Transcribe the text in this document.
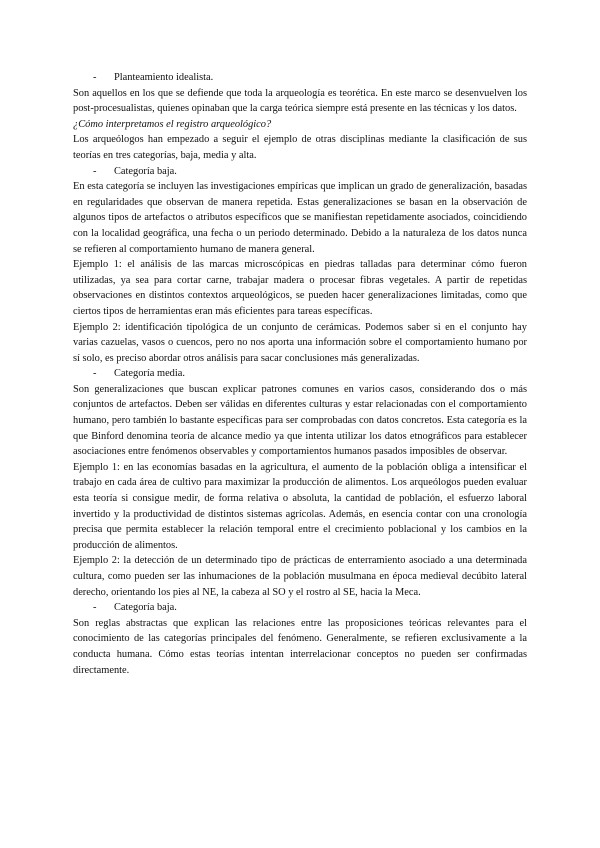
-	Planteamiento idealista.

Son aquellos en los que se defiende que toda la arqueología es teorética. En este marco se desenvuelven los post-procesualistas, quienes opinaban que la carga teórica siempre está presente en las técnicas y los datos.

¿Cómo interpretamos el registro arqueológico?

Los arqueólogos han empezado a seguir el ejemplo de otras disciplinas mediante la clasificación de sus teorías en tres categorías, baja, media y alta.

-	Categoría baja.

En esta categoría se incluyen las investigaciones empíricas que implican un grado de generalización, basadas en regularidades que observan de manera repetida. Estas generalizaciones se basan en la observación de algunos tipos de artefactos o atributos específicos que se manifiestan repetidamente asociados, coincidiendo con la localidad geográfica, una fecha o un periodo determinado. Debido a la naturaleza de los datos nunca se refieren al comportamiento humano de manera general.

Ejemplo 1: el análisis de las marcas microscópicas en piedras talladas para determinar cómo fueron utilizadas, ya sea para cortar carne, trabajar madera o procesar fibras vegetales. A partir de repetidas observaciones en distintos contextos arqueológicos, se pueden hacer generalizaciones limitadas, como que ciertos tipos de herramientas eran más eficientes para tareas específicas.

Ejemplo 2: identificación tipológica de un conjunto de cerámicas. Podemos saber si en el conjunto hay varias cazuelas, vasos o cuencos, pero no nos aporta una información sobre el comportamiento humano por sí solo, es preciso abordar otros análisis para sacar conclusiones más generalizadas.

-	Categoría media.

Son generalizaciones que buscan explicar patrones comunes en varios casos, considerando dos o más conjuntos de artefactos. Deben ser válidas en diferentes culturas y estar relacionadas con el comportamiento humano, pero también lo bastante específicas para ser comprobadas con datos concretos. Esta categoría es la que Binford denomina teoría de alcance medio ya que intenta utilizar los datos etnográficos para establecer asociaciones entre fenómenos observables y comportamientos humanos pasados imposibles de observar.

Ejemplo 1: en las economías basadas en la agricultura, el aumento de la población obliga a intensificar el trabajo en cada área de cultivo para maximizar la producción de alimentos. Los arqueólogos pueden evaluar esta teoría si consigue medir, de forma relativa o absoluta, la cantidad de población, el esfuerzo laboral invertido y la productividad de distintos sistemas agrícolas. Además, en esencia contar con una cronología precisa que permita establecer la relación temporal entre el crecimiento poblacional y los cambios en la producción de alimentos.

Ejemplo 2: la detección de un determinado tipo de prácticas de enterramiento asociado a una determinada cultura, como pueden ser las inhumaciones de la población musulmana en época medieval decúbito lateral derecho, orientando los pies al NE, la cabeza al SO y el rostro al SE, hacia la Meca.

-	Categoría baja.

Son reglas abstractas que explican las relaciones entre las proposiciones teóricas relevantes para el conocimiento de las categorías principales del fenómeno. Generalmente, se refieren exclusivamente a la conducta humana. Cómo estas teorías intentan interrelacionar conceptos no pueden ser confirmadas directamente.
